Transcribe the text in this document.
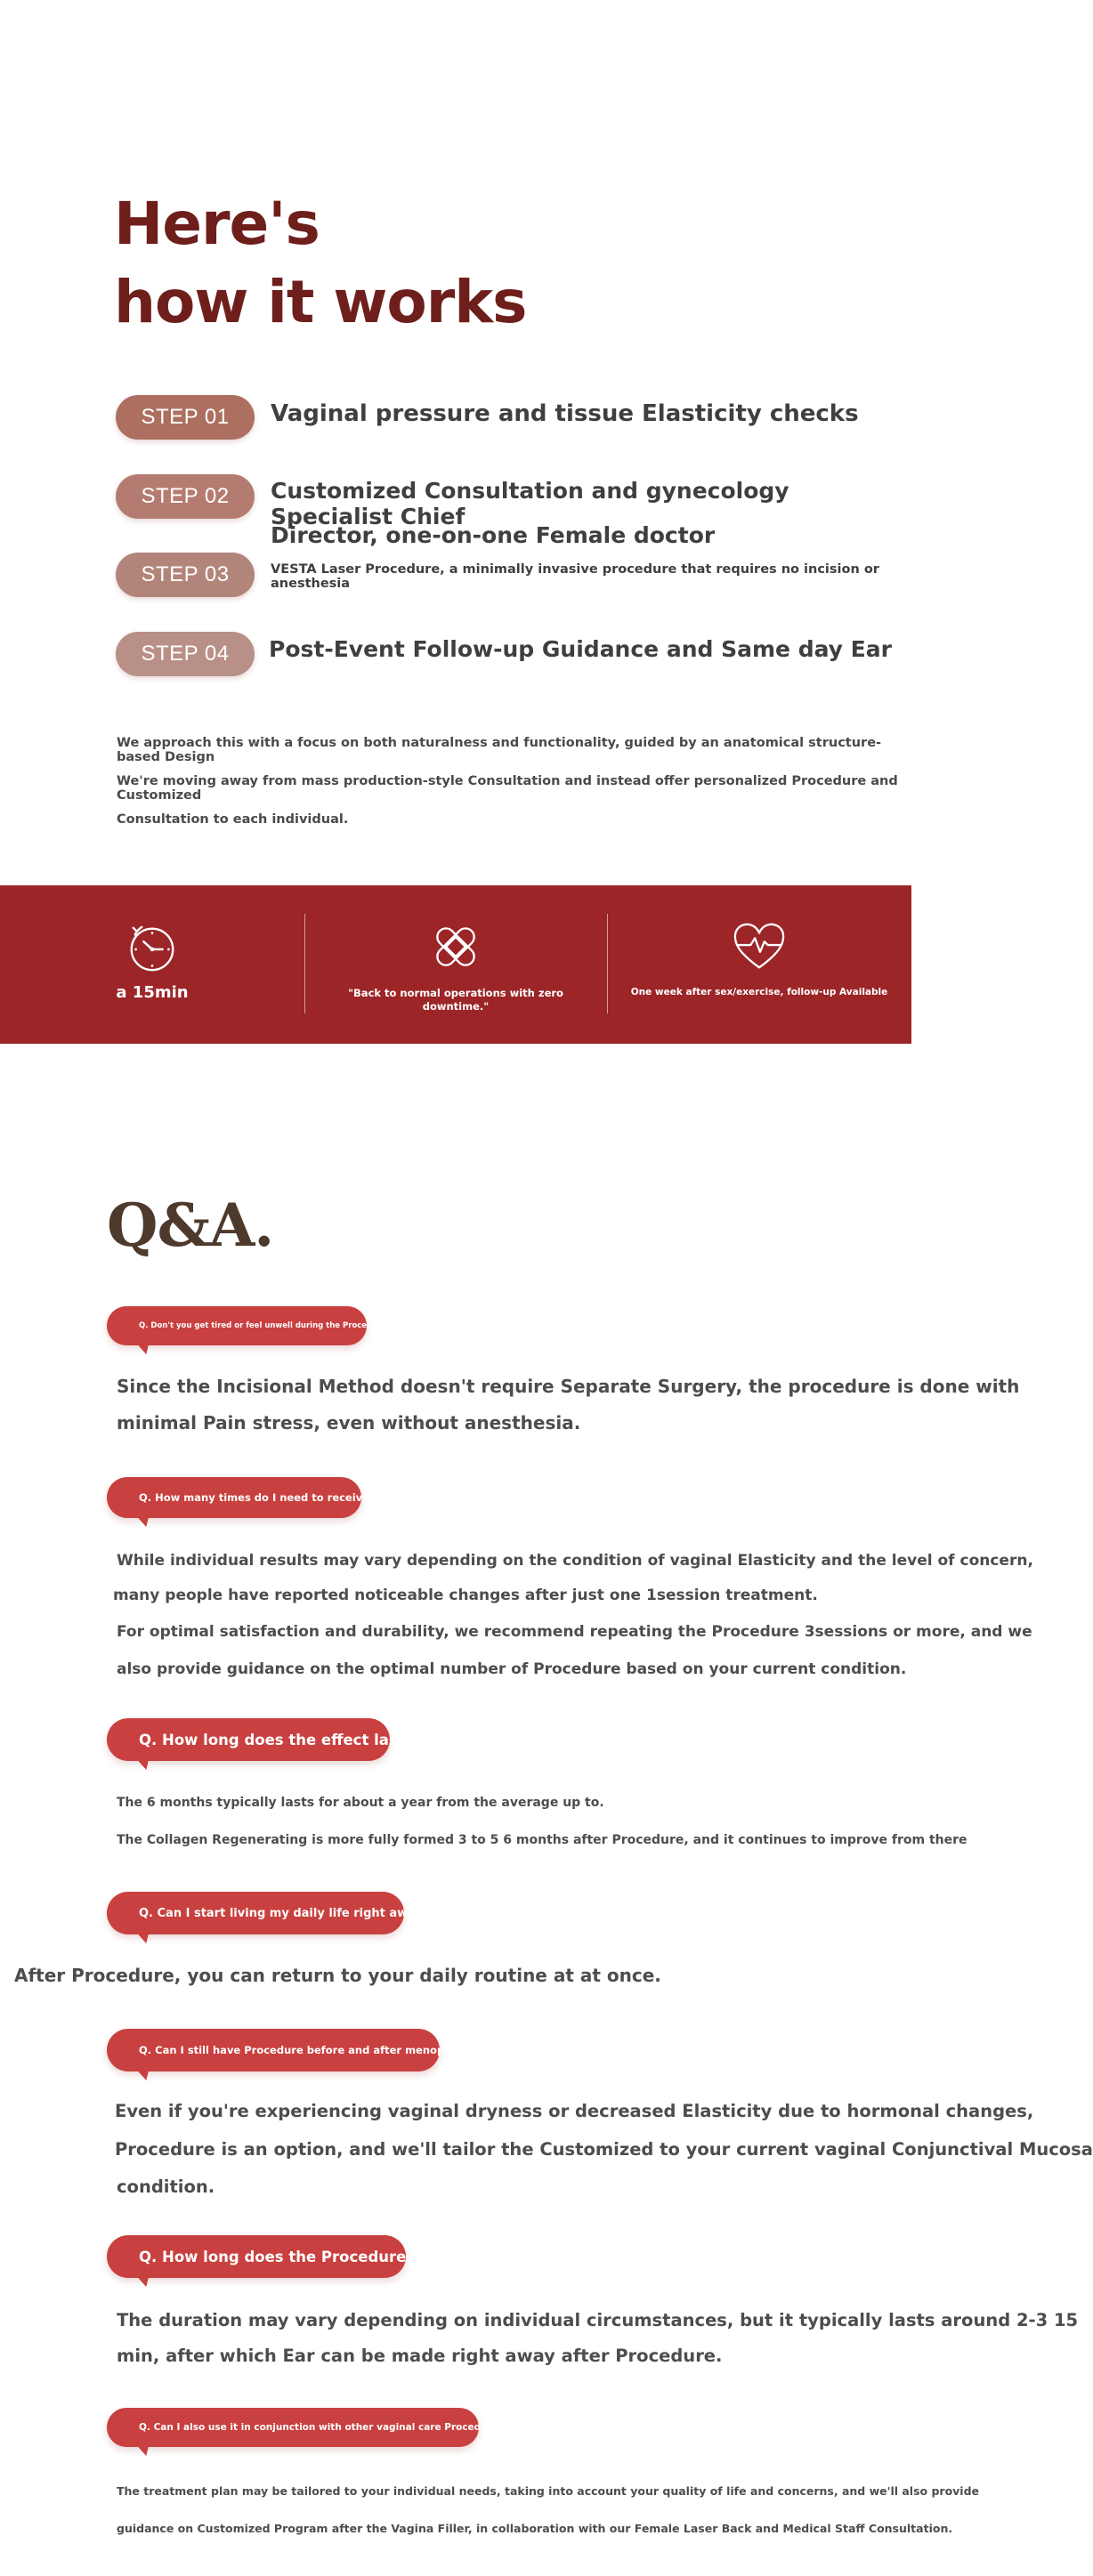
Here's
how it works
STEP 01	Vaginal pressure and tissue Elasticity checks
STEP 02	Customized Consultation and gynecology Specialist Chief
Director, one-on-one Female doctor
STEP 03	VESTA Laser Procedure, a minimally invasive procedure that requires no incision or anesthesia
STEP 04	Post-Event Follow-up Guidance and Same day Ear
We approach this with a focus on both naturalness and functionality, guided by an anatomical structure-based Design
We're moving away from mass production-style Consultation and instead offer personalized Procedure and Customized
Consultation to each individual.
a 15min	"Back to normal operations with zero
downtime."
One week after sex/exercise, follow-up Available
Q&A.
Q. Don't you get tired or feel unwell during the Procedure?
Since the Incisional Method doesn't require Separate Surgery, the procedure is done with
minimal Pain stress, even without anesthesia.
Q. How many times do I need to receive it?
While individual results may vary depending on the condition of vaginal Elasticity and the level of concern,
many people have reported noticeable changes after just one 1session treatment.
For optimal satisfaction and durability, we recommend repeating the Procedure 3sessions or more, and we
also provide guidance on the optimal number of Procedure based on your current condition.
Q. How long does the effect last?
The 6 months typically lasts for about a year from the average up to.
The Collagen Regenerating is more fully formed 3 to 5 6 months after Procedure, and it continues to improve from there
Q. Can I start living my daily life right away?
After Procedure, you can return to your daily routine at at once.
Q. Can I still have Procedure before and after menopause?
Even if you're experiencing vaginal dryness or decreased Elasticity due to hormonal changes,
Procedure is an option, and we'll tailor the Customized to your current vaginal Conjunctival Mucosa
condition.
Q. How long does the Procedure take?
The duration may vary depending on individual circumstances, but it typically lasts around 2-3 15
min, after which Ear can be made right away after Procedure.
Q. Can I also use it in conjunction with other vaginal care Procedure?
The treatment plan may be tailored to your individual needs, taking into account your quality of life and concerns, and we'll also provide
guidance on Customized Program after the Vagina Filler, in collaboration with our Female Laser Back and Medical Staff Consultation.
